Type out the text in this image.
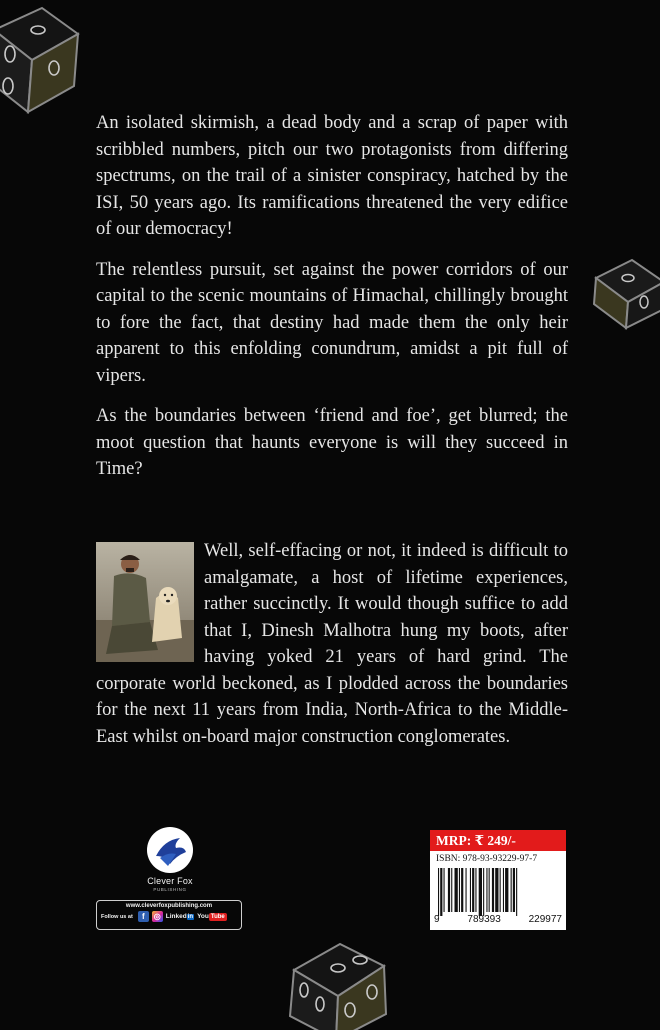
An isolated skirmish, a dead body and a scrap of paper with scribbled numbers, pitch our two protagonists from differing spectrums, on the trail of a sinister conspiracy, hatched by the ISI, 50 years ago. Its ramifications threatened the very edifice of our democracy!

The relentless pursuit, set against the power corridors of our capital to the scenic mountains of Himachal, chillingly brought to fore the fact, that destiny had made them the only heir apparent to this enfolding conundrum, amidst a pit full of vipers.

As the boundaries between ‘friend and foe’, get blurred; the moot question that haunts everyone is will they succeed in Time?

Well, self-effacing or not, it indeed is difficult to amalgamate, a host of lifetime experiences, rather succinctly. It would though suffice to add that I, Dinesh Malhotra hung my boots, after having yoked 21 years of hard grind. The corporate world beckoned, as I plodded across the boundaries for the next 11 years from India, North-Africa to the Middle-East whilst on-board major construction conglomerates.
Clever Fox
PUBLISHING
www.cleverfoxpublishing.com
Follow us at	f	◎ Linkedin You Tube
MRP: ₹ 249/-
ISBN: 978-93-93229-97-7
9	789393	229977
